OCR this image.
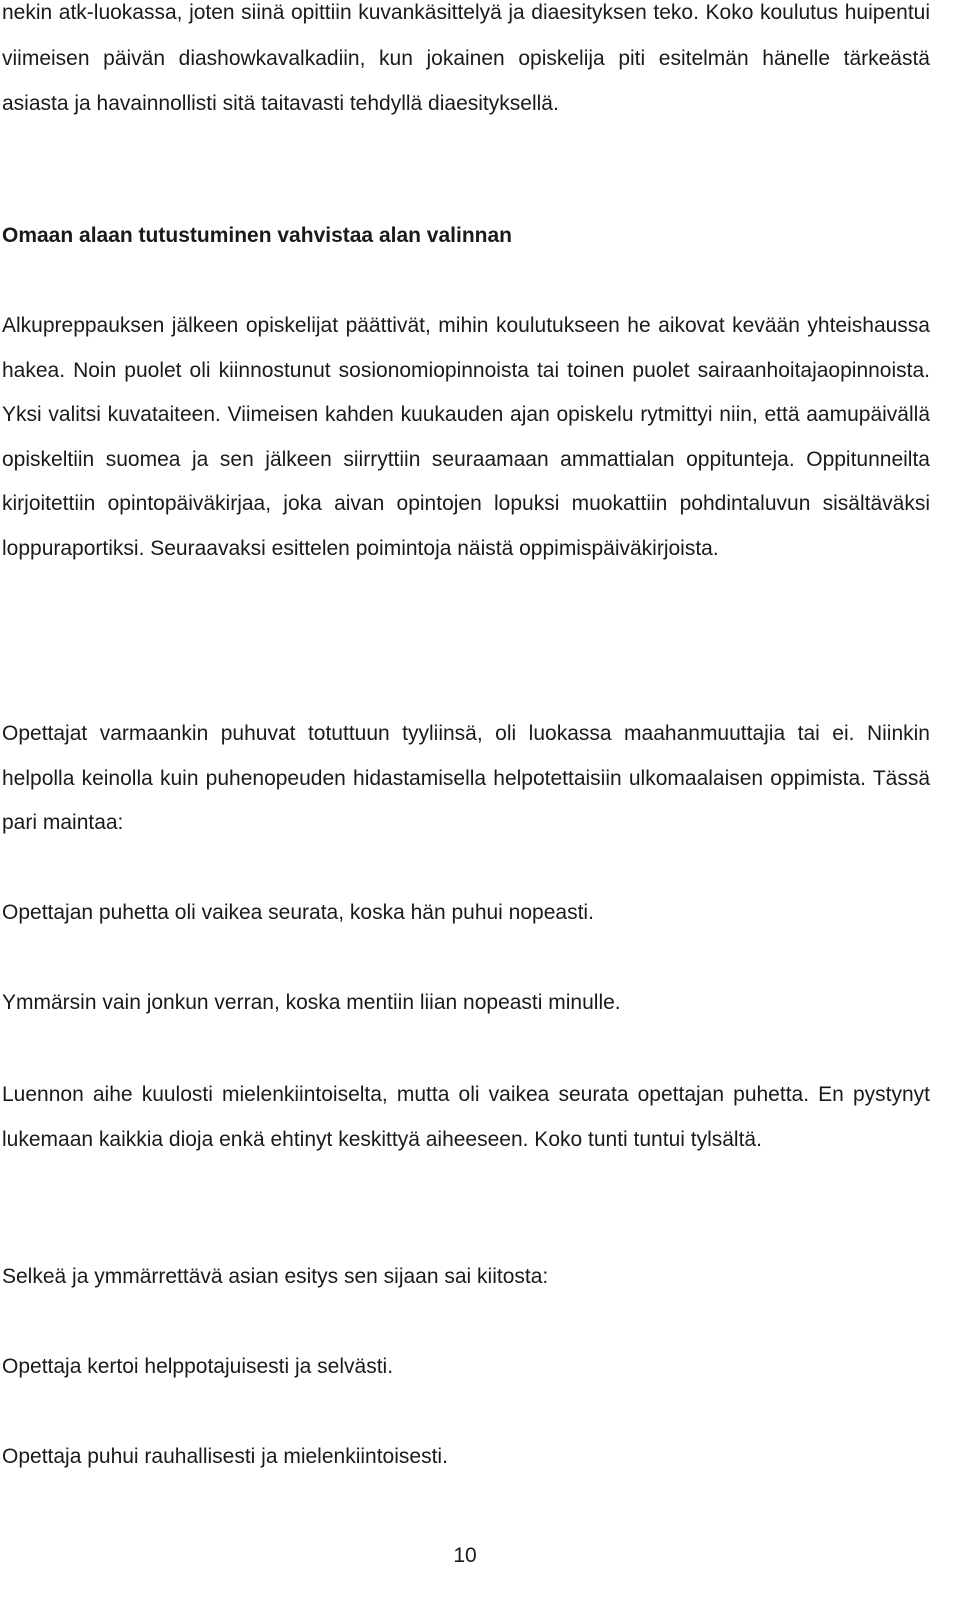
nekin atk-luokassa, joten siinä opittiin kuvankäsittelyä ja diaesityksen teko. Koko koulutus huipentui viimeisen päivän diashowkavalkadiin, kun jokainen opiskelija piti esitelmän hänelle tärkeästä asiasta ja havainnollisti sitä taitavasti tehdyllä diaesityksellä.

Omaan alaan tutustuminen vahvistaa alan valinnan

Alkupreppauksen jälkeen opiskelijat päättivät, mihin koulutukseen he aikovat kevään yhteishaussa hakea. Noin puolet oli kiinnostunut sosionomiopinnoista tai toinen puolet sairaanhoitajaopinnoista. Yksi valitsi kuvataiteen. Viimeisen kahden kuukauden ajan opiskelu rytmittyi niin, että aamupäivällä opiskeltiin suomea ja sen jälkeen siirryttiin seuraamaan ammattialan oppitunteja. Oppitunneilta kirjoitettiin opintopäiväkirjaa, joka aivan opintojen lopuksi muokattiin pohdintaluvun sisältäväksi loppuraportiksi. Seuraavaksi esittelen poimintoja näistä oppimispäiväkirjoista.

Opettajat varmaankin puhuvat totuttuun tyyliinsä, oli luokassa maahanmuuttajia tai ei. Niinkin helpolla keinolla kuin puhenopeuden hidastamisella helpotettaisiin ulkomaalaisen oppimista. Tässä pari maintaa:

Opettajan puhetta oli vaikea seurata, koska hän puhui nopeasti.

Ymmärsin vain jonkun verran, koska mentiin liian nopeasti minulle.

Luennon aihe kuulosti mielenkiintoiselta, mutta oli vaikea seurata opettajan puhetta. En pystynyt lukemaan kaikkia dioja enkä ehtinyt keskittyä aiheeseen. Koko tunti tuntui tylsältä.

Selkeä ja ymmärrettävä asian esitys sen sijaan sai kiitosta:

Opettaja kertoi helppotajuisesti ja selvästi.

Opettaja puhui rauhallisesti ja mielenkiintoisesti.

10
